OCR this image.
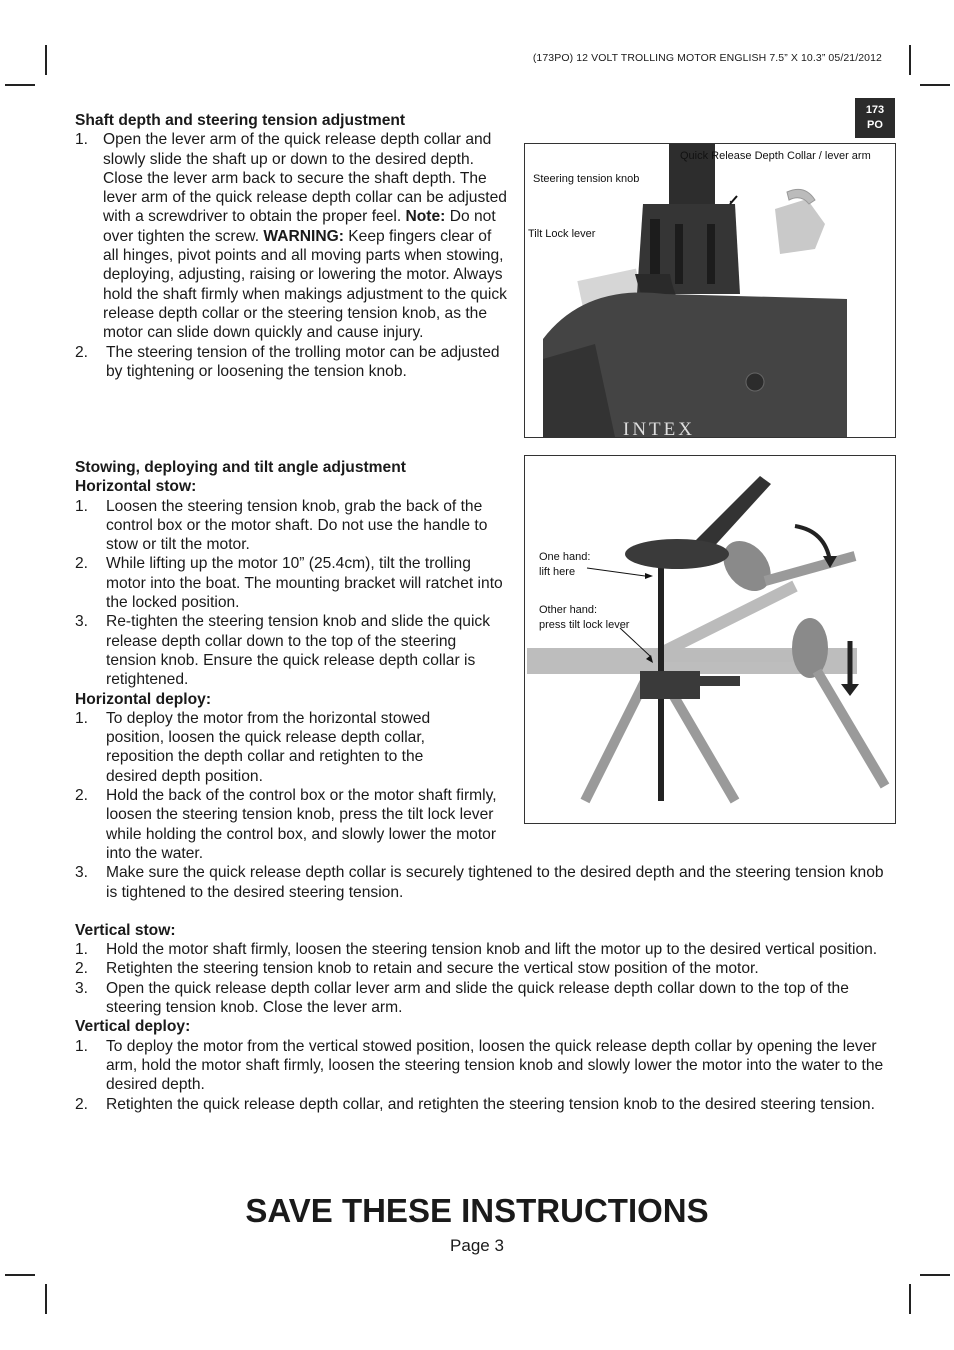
(173PO) 12 VOLT TROLLING MOTOR ENGLISH 7.5” X 10.3” 05/21/2012
173
PO
Shaft depth and steering tension adjustment
1. Open the lever arm of the quick release depth collar and slowly slide the shaft up or down to the desired depth. Close the lever arm back to secure the shaft depth. The lever arm of the quick release depth collar can be adjusted with a screwdriver to obtain the proper feel. Note: Do not over tighten the screw. WARNING: Keep fingers clear of all hinges, pivot points and all moving parts when stowing, deploying, adjusting, raising or lowering the motor. Always hold the shaft firmly when makings adjustment to the quick release depth collar or the steering tension knob, as the motor can slide down quickly and cause injury.
2. The steering tension of the trolling motor can be adjusted by tightening or loosening the tension knob.
Quick Release Depth Collar / lever arm
Steering tension knob
Tilt Lock lever
INTEX
Stowing, deploying and tilt angle adjustment
Horizontal stow:
1. Loosen the steering tension knob, grab the back of the control box or the motor shaft. Do not use the handle to stow or tilt the motor.
2. While lifting up the motor 10” (25.4cm), tilt the trolling motor into the boat. The mounting bracket will ratchet into the locked position.
3. Re-tighten the steering tension knob and slide the quick release depth collar down to the top of the steering tension knob. Ensure the quick release depth collar is retightened.
Horizontal deploy:
1. To deploy the motor from the horizontal stowed position, loosen the quick release depth collar, reposition the depth collar and retighten to the desired depth position.
2. Hold the back of the control box or the motor shaft firmly, loosen the steering tension knob, press the tilt lock lever while holding the control box, and slowly lower the motor into the water.
3. Make sure the quick release depth collar is securely tightened to the desired depth and the steering tension knob is tightened to the desired steering tension.
Vertical stow:
1. Hold the motor shaft firmly, loosen the steering tension knob and lift the motor up to the desired vertical position.
2. Retighten the steering tension knob to retain and secure the vertical stow position of the motor.
3. Open the quick release depth collar lever arm and slide the quick release depth collar down to the top of the steering tension knob. Close the lever arm.
Vertical deploy:
1. To deploy the motor from the vertical stowed position, loosen the quick release depth collar by opening the lever arm, hold the motor shaft firmly, loosen the steering tension knob and slowly lower the motor into the water to the desired depth.
2. Retighten the quick release depth collar, and retighten the steering tension knob to the desired steering tension.
One hand:
lift here
Other hand:
press tilt lock lever
SAVE THESE INSTRUCTIONS
Page 3
